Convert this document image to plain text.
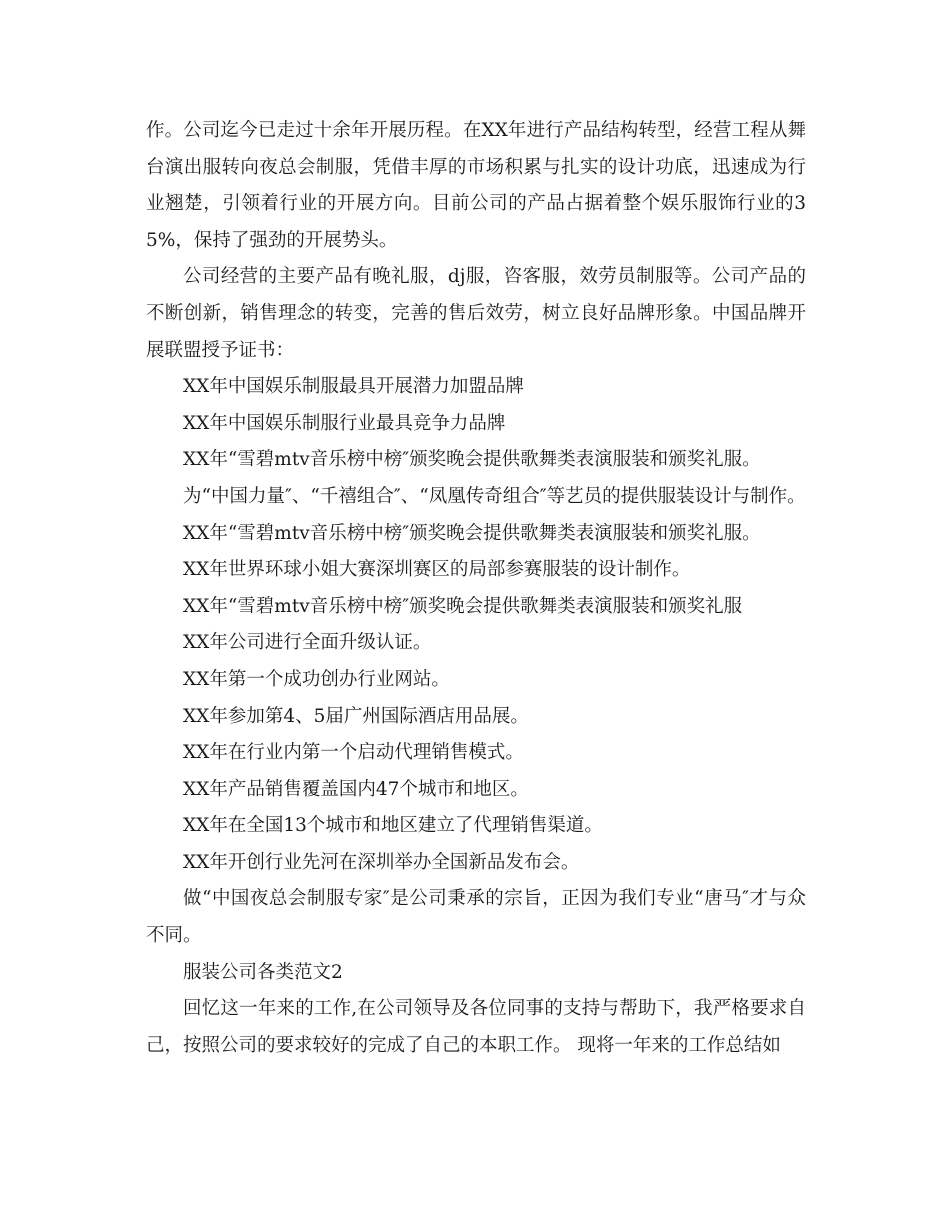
作。公司迄今已走过十余年开展历程。在XX年进行产品结构转型，经营工程从舞台演出服转向夜总会制服，凭借丰厚的市场积累与扎实的设计功底，迅速成为行业翘楚，引领着行业的开展方向。目前公司的产品占据着整个娱乐服饰行业的35%，保持了强劲的开展势头。

公司经营的主要产品有晚礼服，dj服，咨客服，效劳员制服等。公司产品的不断创新，销售理念的转变，完善的售后效劳，树立良好品牌形象。中国品牌开展联盟授予证书：

XX年中国娱乐制服最具开展潜力加盟品牌

XX年中国娱乐制服行业最具竞争力品牌

XX年“雪碧mtv音乐榜中榜″颁奖晚会提供歌舞类表演服装和颁奖礼服。

为“中国力量″、“千禧组合″、“凤凰传奇组合″等艺员的提供服装设计与制作。

XX年“雪碧mtv音乐榜中榜″颁奖晚会提供歌舞类表演服装和颁奖礼服。

XX年世界环球小姐大赛深圳赛区的局部参赛服装的设计制作。

XX年“雪碧mtv音乐榜中榜″颁奖晚会提供歌舞类表演服装和颁奖礼服

XX年公司进行全面升级认证。

XX年第一个成功创办行业网站。

XX年参加第4、5届广州国际酒店用品展。

XX年在行业内第一个启动代理销售模式。

XX年产品销售覆盖国内47个城市和地区。

XX年在全国13个城市和地区建立了代理销售渠道。

XX年开创行业先河在深圳举办全国新品发布会。

做“中国夜总会制服专家″是公司秉承的宗旨，正因为我们专业“唐马″才与众不同。

服装公司各类范文2

回忆这一年来的工作,在公司领导及各位同事的支持与帮助下，我严格要求自己，按照公司的要求较好的完成了自己的本职工作。 现将一年来的工作总结如
